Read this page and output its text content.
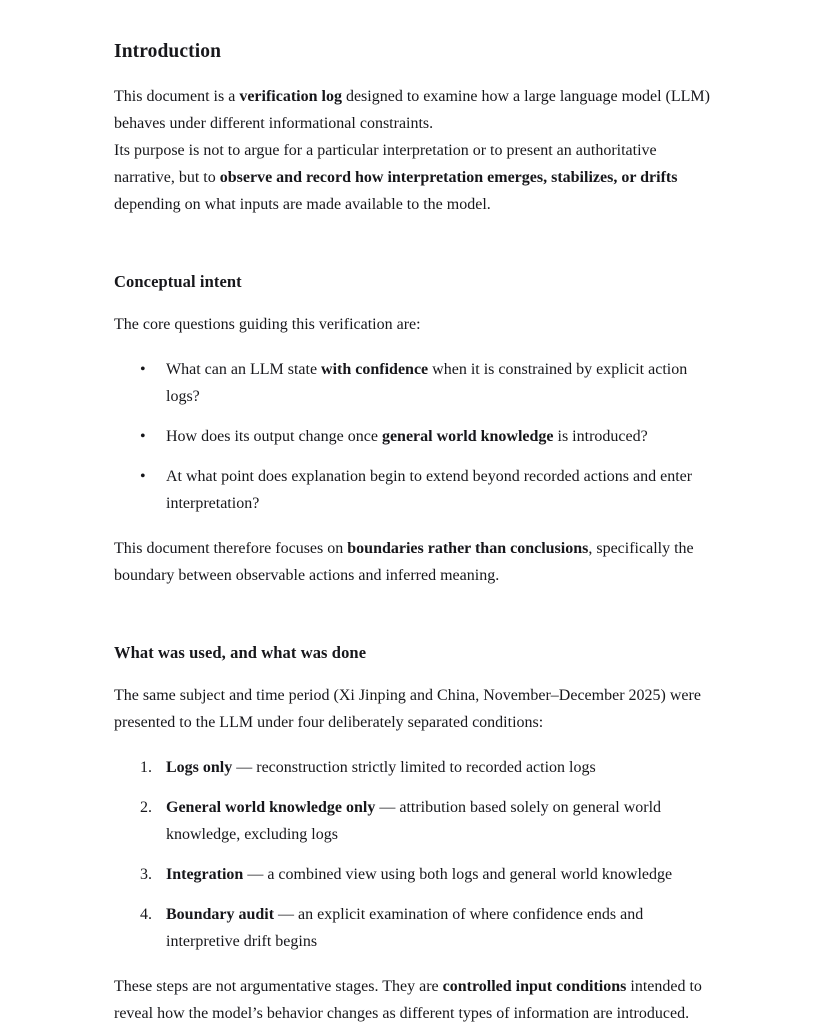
Introduction

This document is a verification log designed to examine how a large language model (LLM) behaves under different informational constraints.

Its purpose is not to argue for a particular interpretation or to present an authoritative narrative, but to observe and record how interpretation emerges, stabilizes, or drifts depending on what inputs are made available to the model.

Conceptual intent

The core questions guiding this verification are:

• What can an LLM state with confidence when it is constrained by explicit action logs?
• How does its output change once general world knowledge is introduced?
• At what point does explanation begin to extend beyond recorded actions and enter interpretation?

This document therefore focuses on boundaries rather than conclusions, specifically the boundary between observable actions and inferred meaning.

What was used, and what was done

The same subject and time period (Xi Jinping and China, November–December 2025) were presented to the LLM under four deliberately separated conditions:

1. Logs only — reconstruction strictly limited to recorded action logs
2. General world knowledge only — attribution based solely on general world knowledge, excluding logs
3. Integration — a combined view using both logs and general world knowledge
4. Boundary audit — an explicit examination of where confidence ends and interpretive drift begins

These steps are not argumentative stages. They are controlled input conditions intended to reveal how the model’s behavior changes as different types of information are introduced.
